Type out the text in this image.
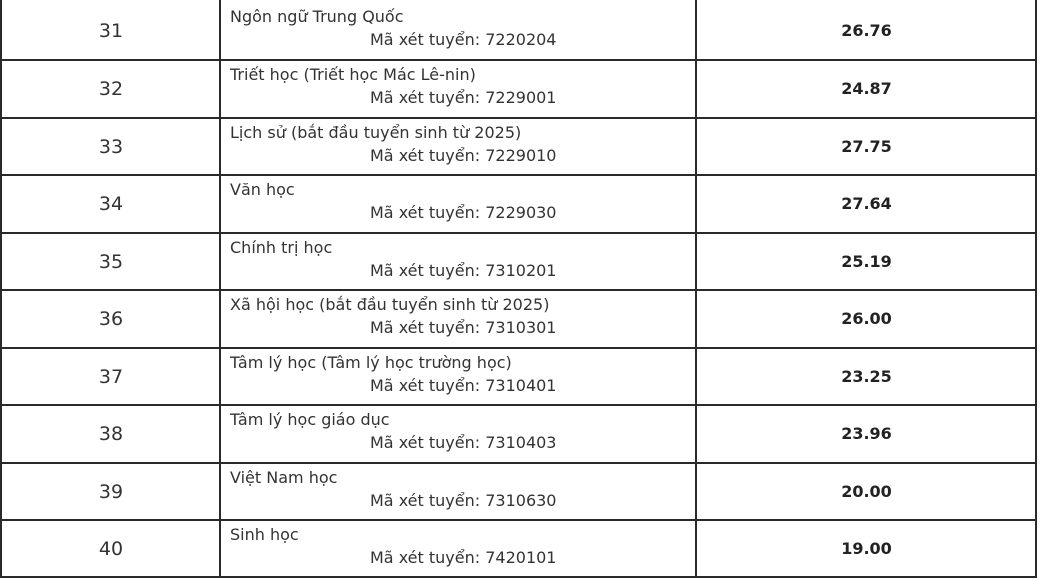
31
Ngôn ngữ Trung Quốc
Mã xét tuyển: 7220204	26.76
32
Triết học (Triết học Mác Lê-nin)
Mã xét tuyển: 7229001	24.87
33
Lịch sử (bắt đầu tuyển sinh từ 2025)
Mã xét tuyển: 7229010	27.75
34
Văn học
Mã xét tuyển: 7229030	27.64
35
Chính trị học
Mã xét tuyển: 7310201	25.19
36
Xã hội học (bắt đầu tuyển sinh từ 2025)
Mã xét tuyển: 7310301	26.00
37
Tâm lý học (Tâm lý học trường học)
Mã xét tuyển: 7310401	23.25
38
Tâm lý học giáo dục
Mã xét tuyển: 7310403	23.96
39
Việt Nam học
Mã xét tuyển: 7310630	20.00
40
Sinh học
Mã xét tuyển: 7420101	19.00
